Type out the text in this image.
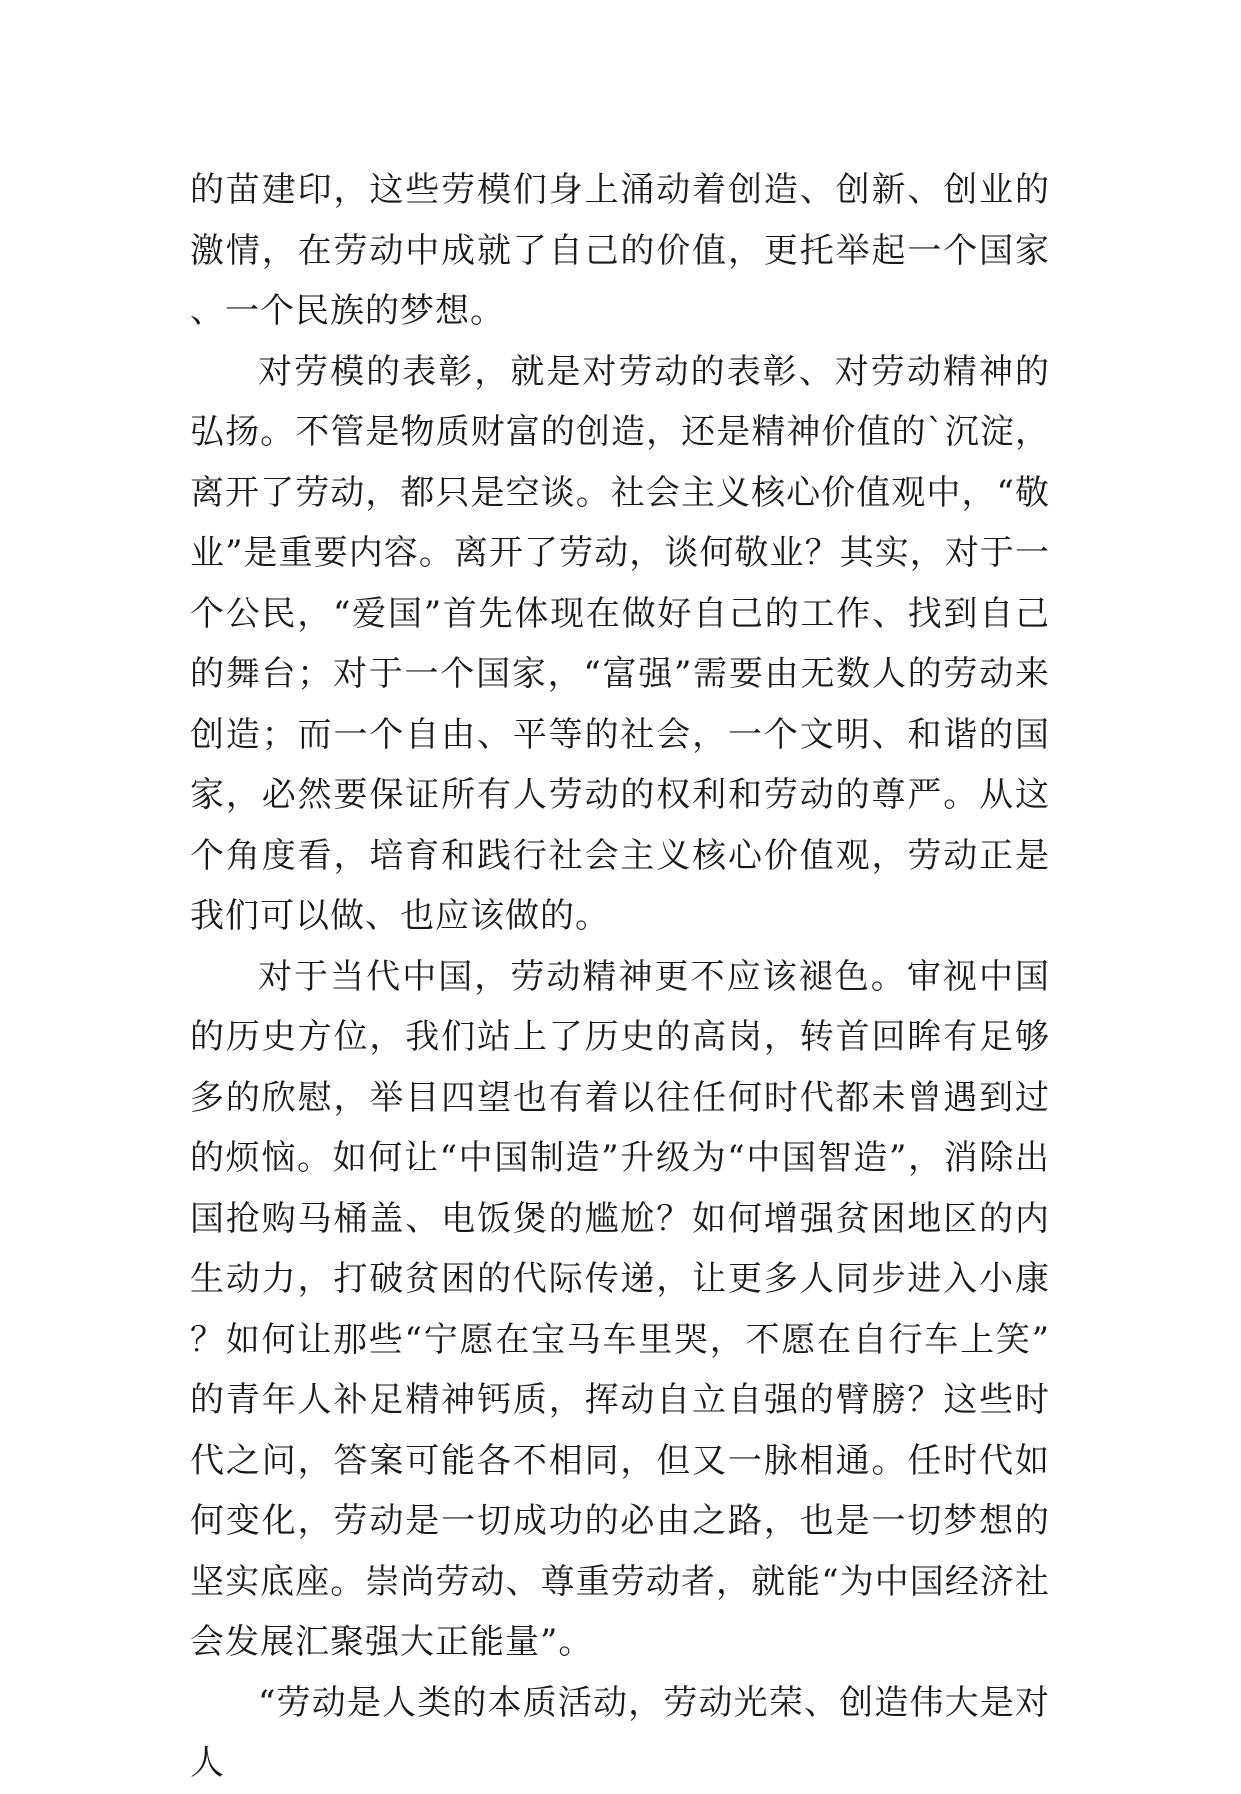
的苗建印，这些劳模们身上涌动着创造、创新、创业的激情，在劳动中成就了自己的价值，更托举起一个国家、一个民族的梦想。

对劳模的表彰，就是对劳动的表彰、对劳动精神的弘扬。不管是物质财富的创造，还是精神价值的`沉淀，离开了劳动，都只是空谈。社会主义核心价值观中，“敬业”是重要内容。离开了劳动，谈何敬业？其实，对于一个公民，“爱国”首先体现在做好自己的工作、找到自己的舞台；对于一个国家，“富强”需要由无数人的劳动来创造；而一个自由、平等的社会，一个文明、和谐的国家，必然要保证所有人劳动的权利和劳动的尊严。从这个角度看，培育和践行社会主义核心价值观，劳动正是我们可以做、也应该做的。

对于当代中国，劳动精神更不应该褪色。审视中国的历史方位，我们站上了历史的高岗，转首回眸有足够多的欣慰，举目四望也有着以往任何时代都未曾遇到过的烦恼。如何让“中国制造”升级为“中国智造”，消除出国抢购马桶盖、电饭煲的尴尬？如何增强贫困地区的内生动力，打破贫困的代际传递，让更多人同步进入小康？如何让那些“宁愿在宝马车里哭，不愿在自行车上笑”的青年人补足精神钙质，挥动自立自强的臂膀？这些时代之问，答案可能各不相同，但又一脉相通。任时代如何变化，劳动是一切成功的必由之路，也是一切梦想的坚实底座。崇尚劳动、尊重劳动者，就能“为中国经济社会发展汇聚强大正能量”。

“劳动是人类的本质活动，劳动光荣、创造伟大是对人
